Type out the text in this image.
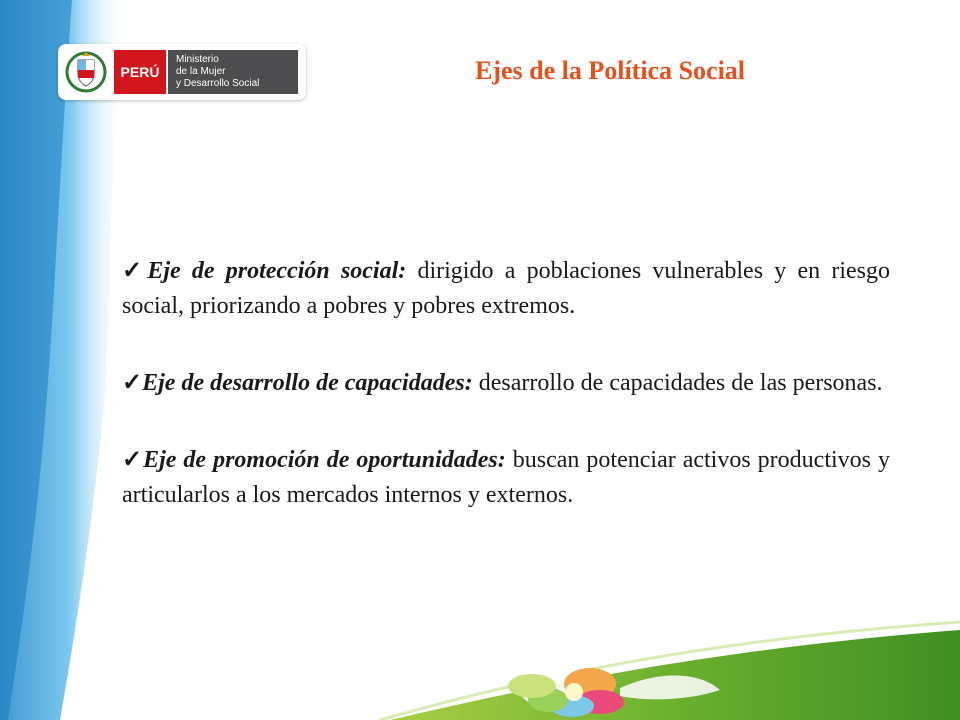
PERÚ
Ministerio
de la Mujer
y Desarrollo Social	Ejes de la Política Social

✓Eje de protección social: dirigido a poblaciones vulnerables y en riesgo social, priorizando a pobres y pobres extremos.

✓Eje de desarrollo de capacidades: desarrollo de capacidades de las personas.

✓Eje de promoción de oportunidades: buscan potenciar activos productivos y articularlos a los mercados internos y externos.
